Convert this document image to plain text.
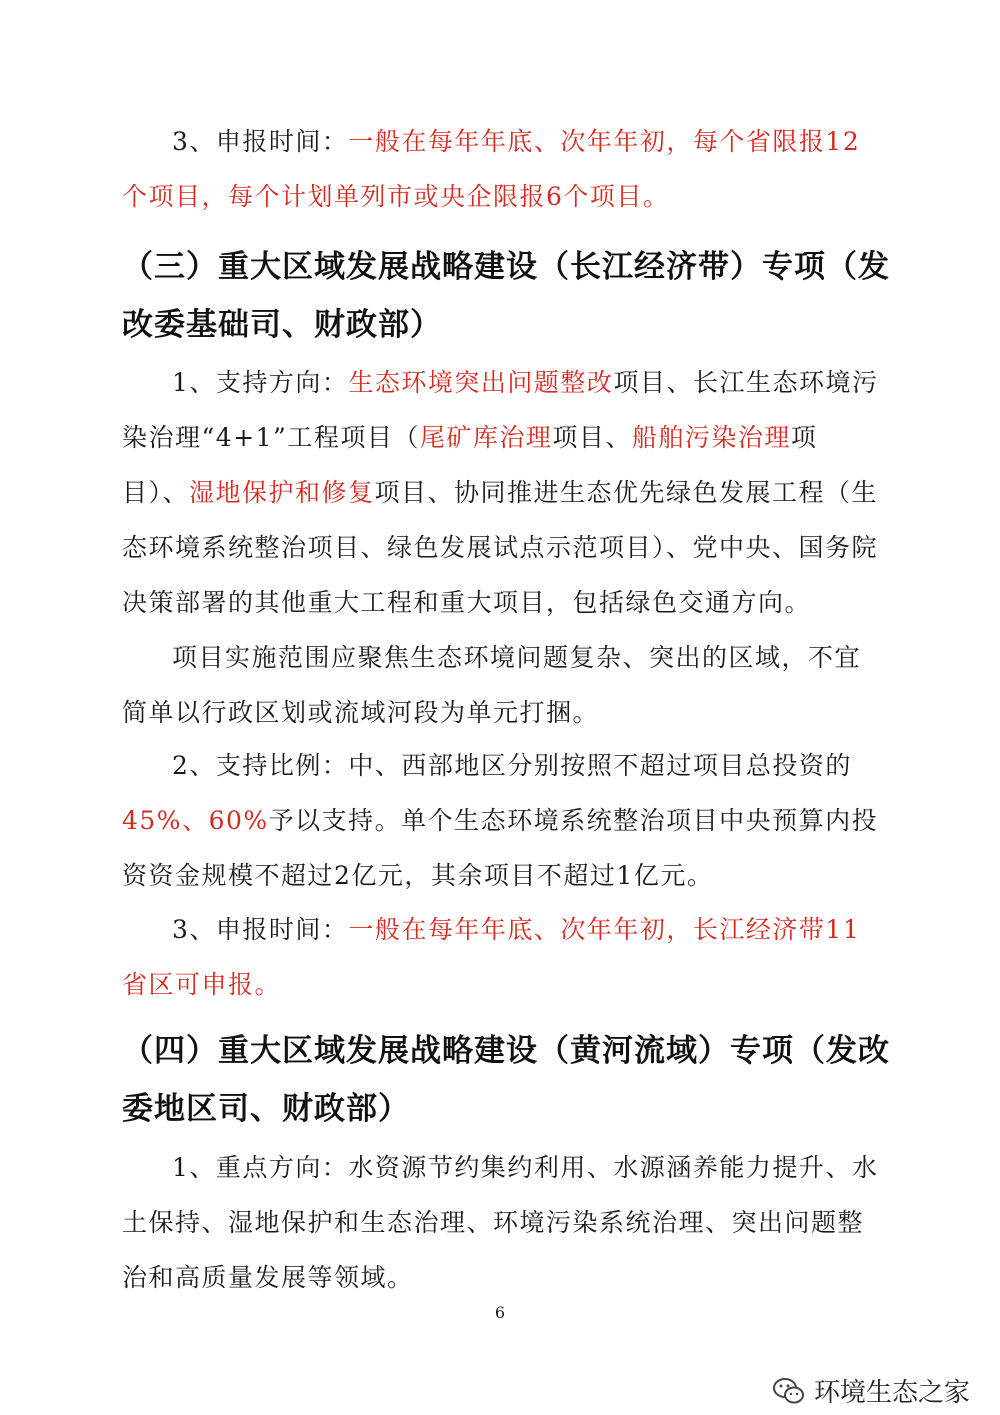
3、申报时间：一般在每年年底、次年年初，每个省限报12个项目，每个计划单列市或央企限报6个项目。

（三）重大区域发展战略建设（长江经济带）专项（发改委基础司、财政部）

1、支持方向：生态环境突出问题整改项目、长江生态环境污染治理“4+1”工程项目（尾矿库治理项目、船舶污染治理项目）、湿地保护和修复项目、协同推进生态优先绿色发展工程（生态环境系统整治项目、绿色发展试点示范项目）、党中央、国务院决策部署的其他重大工程和重大项目，包括绿色交通方向。

项目实施范围应聚焦生态环境问题复杂、突出的区域，不宜简单以行政区划或流域河段为单元打捆。

2、支持比例：中、西部地区分别按照不超过项目总投资的45%、60%予以支持。单个生态环境系统整治项目中央预算内投资资金规模不超过2亿元，其余项目不超过1亿元。

3、申报时间：一般在每年年底、次年年初，长江经济带11省区可申报。

（四）重大区域发展战略建设（黄河流域）专项（发改委地区司、财政部）

1、重点方向：水资源节约集约利用、水源涵养能力提升、水土保持、湿地保护和生态治理、环境污染系统治理、突出问题整治和高质量发展等领域。

6
环境生态之家
